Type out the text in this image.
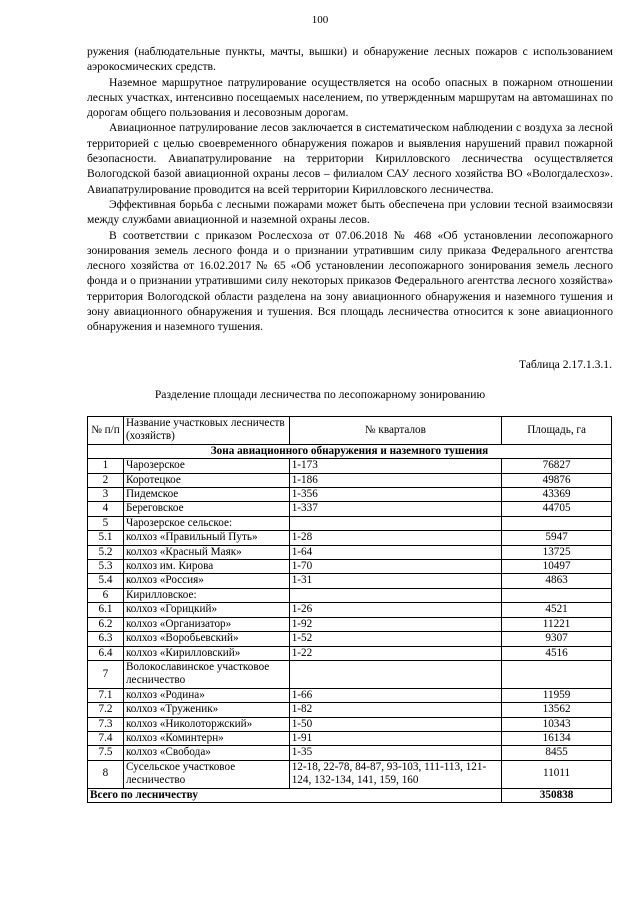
100

ружения (наблюдательные пункты, мачты, вышки) и обнаружение лесных пожаров с использованием аэрокосмических средств.

Наземное маршрутное патрулирование осуществляется на особо опасных в пожарном отношении лесных участках, интенсивно посещаемых населением, по утвержденным маршрутам на автомашинах по дорогам общего пользования и лесовозным дорогам.

Авиационное патрулирование лесов заключается в систематическом наблюдении с воздуха за лесной территорией с целью своевременного обнаружения пожаров и выявления нарушений правил пожарной безопасности. Авиапатрулирование на территории Кирилловского лесничества осуществляется Вологодской базой авиационной охраны лесов – филиалом САУ лесного хозяйства ВО «Вологдалесхоз». Авиапатрулирование проводится на всей территории Кирилловского лесничества.

Эффективная борьба с лесными пожарами может быть обеспечена при условии тесной взаимосвязи между службами авиационной и наземной охраны лесов.

В соответствии с приказом Рослесхоза от 07.06.2018 № 468 «Об установлении лесопожарного зонирования земель лесного фонда и о признании утратившим силу приказа Федерального агентства лесного хозяйства от 16.02.2017 № 65 «Об установлении лесопожарного зонирования земель лесного фонда и о признании утратившими силу некоторых приказов Федерального агентства лесного хозяйства» территория Вологодской области разделена на зону авиационного обнаружения и наземного тушения и зону авиационного обнаружения и тушения. Вся площадь лесничества относится к зоне авиационного обнаружения и наземного тушения.

Таблица 2.17.1.3.1.
Разделение площади лесничества по лесопожарному зонированию
№ п/п	Название участковых лесничеств (хозяйств)	№ кварталов	Площадь, га
Зона авиационного обнаружения и наземного тушения			
1	Чарозерское	1-173	76827
2	Коротецкое	1-186	49876
3	Пидемское	1-356	43369
4	Береговское	1-337	44705
5	Чарозерское сельское:		
5.1	колхоз «Правильный Путь»	1-28	5947
5.2	колхоз «Красный Маяк»	1-64	13725
5.3	колхоз им. Кирова	1-70	10497
5.4	колхоз «Россия»	1-31	4863
6	Кирилловское:		
6.1	колхоз «Горицкий»	1-26	4521
6.2	колхоз «Организатор»	1-92	11221
6.3	колхоз «Воробьевский»	1-52	9307
6.4	колхоз «Кирилловский»	1-22	4516
7	Волокославинское участковое лесничество		
7.1	колхоз «Родина»	1-66	11959
7.2	колхоз «Труженик»	1-82	13562
7.3	колхоз «Николоторжский»	1-50	10343
7.4	колхоз «Коминтерн»	1-91	16134
7.5	колхоз «Свобода»	1-35	8455
8	Сусельское участковое лесничество	12-18, 22-78, 84-87, 93-103, 111-113, 121-124, 132-134, 141, 159, 160	11011
Всего по лесничеству			350838
